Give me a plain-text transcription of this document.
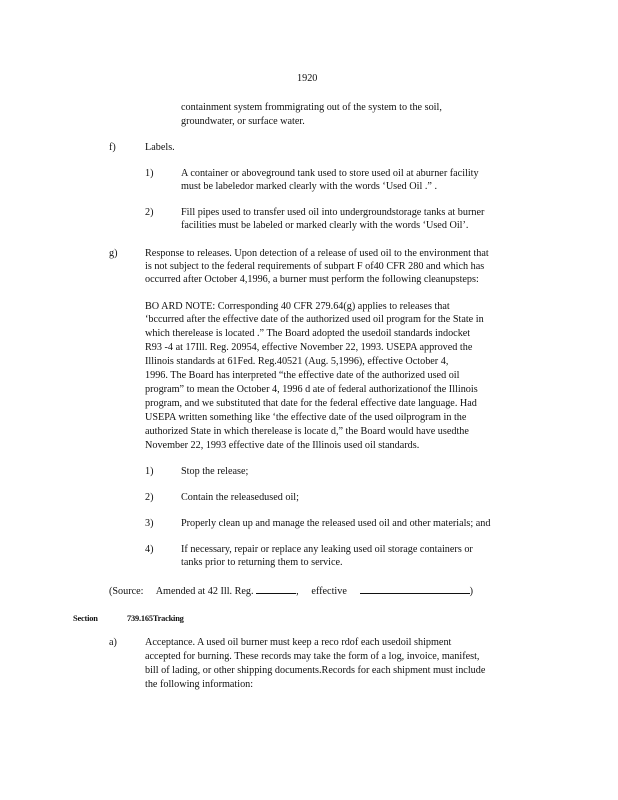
1920
containment system frommigrating out of the system to the soil,
groundwater, or surface water.
f)	Labels.
1)	A container or aboveground tank used to store used oil at aburner facility
must be labeledor marked clearly with the words ‘Used Oil .” .
2)	Fill pipes used to transfer used oil into undergroundstorage tanks at burner
facilities must be labeled or marked clearly with the words ‘Used Oil’.
g)	Response to releases. Upon detection of a release of used oil to the environment that
is not subject to the federal requirements of subpart F of40 CFR 280 and which has
occurred after October 4,1996, a burner must perform the following cleanupsteps:
BO ARD NOTE: Corresponding 40 CFR 279.64(g) applies to releases that
‘bccurred after the effective date of the authorized used oil program for the State in
which therelease is located .” The Board adopted the usedoil standards indocket
R93 -4 at 17Ill. Reg. 20954, effective November 22, 1993. USEPA approved the
Illinois standards at 61Fed. Reg.40521 (Aug. 5,1996), effective October 4,
1996. The Board has interpreted “the effective date of the authorized used oil
program” to mean the October 4, 1996 d ate of federal authorizationof the Illinois
program, and we substituted that date for the federal effective date language. Had
USEPA written something like ‘the effective date of the used oilprogram in the
authorized State in which therelease is locate d,” the Board would have usedthe
November 22, 1993 effective date of the Illinois used oil standards.
1)	Stop the release;
2)	Contain the releasedused oil;
3)	Properly clean up and manage the released used oil and other materials; and
4)	If necessary, repair or replace any leaking used oil storage containers or
tanks prior to returning them to service.
(Source: Amended at 42 Ill. Reg.	, effective	)
Section	739.165Tracking
a)	Acceptance. A used oil burner must keep a reco rdof each usedoil shipment
accepted for burning. These records may take the form of a log, invoice, manifest,
bill of lading, or other shipping documents.Records for each shipment must include
the following information:
